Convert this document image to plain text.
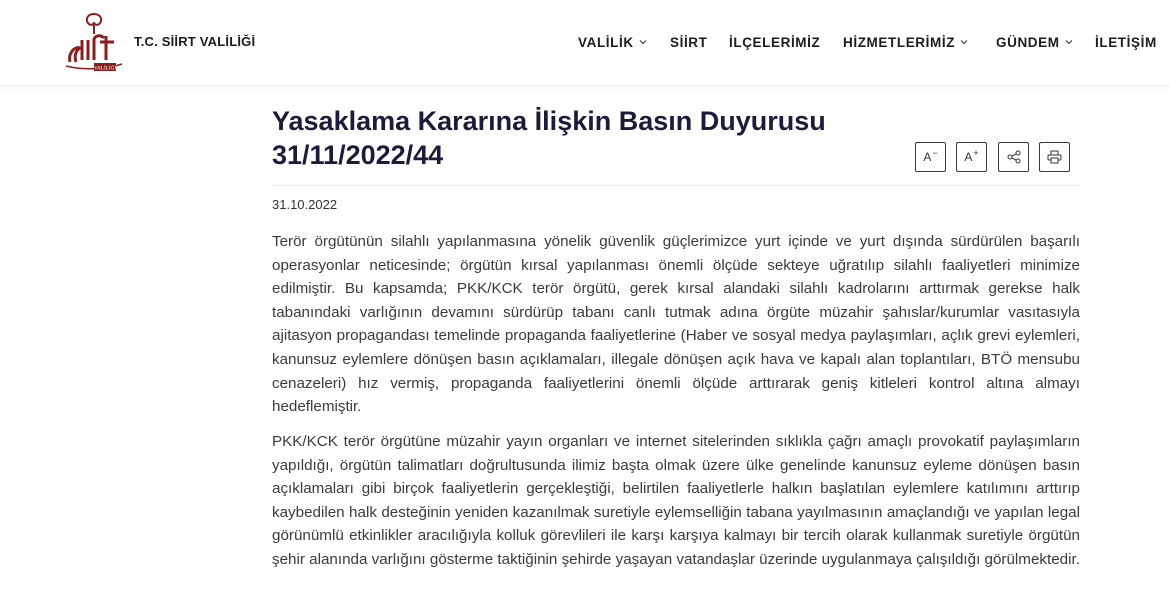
VALİLİĞİ
T.C. SİİRT VALİLİĞİ	VALİLİK	SİİRT İLÇELERİMİZ HİZMETLERİMİZ	GÜNDEM	İLETİŞİM
Yasaklama Kararına İlişkin Basın Duyurusu 31/11/2022/44	A− A+
31.10.2022

Terör örgütünün silahlı yapılanmasına yönelik güvenlik güçlerimizce yurt içinde ve yurt dışında sürdürülen başarılı operasyonlar neticesinde; örgütün kırsal yapılanması önemli ölçüde sekteye uğratılıp silahlı faaliyetleri minimize edilmiştir. Bu kapsamda; PKK/KCK terör örgütü, gerek kırsal alandaki silahlı kadrolarını arttırmak gerekse halk tabanındaki varlığının devamını sürdürüp tabanı canlı tutmak adına örgüte müzahir şahıslar/kurumlar vasıtasıyla ajitasyon propagandası temelinde propaganda faaliyetlerine (Haber ve sosyal medya paylaşımları, açlık grevi eylemleri, kanunsuz eylemlere dönüşen basın açıklamaları, illegale dönüşen açık hava ve kapalı alan toplantıları, BTÖ mensubu cenazeleri) hız vermiş, propaganda faaliyetlerini önemli ölçüde arttırarak geniş kitleleri kontrol altına almayı hedeflemiştir.

PKK/KCK terör örgütüne müzahir yayın organları ve internet sitelerinden sıklıkla çağrı amaçlı provokatif paylaşımların yapıldığı, örgütün talimatları doğrultusunda ilimiz başta olmak üzere ülke genelinde kanunsuz eyleme dönüşen basın açıklamaları gibi birçok faaliyetlerin gerçekleştiği, belirtilen faaliyetlerle halkın başlatılan eylemlere katılımını arttırıp kaybedilen halk desteğinin yeniden kazanılmak suretiyle eylemselliğin tabana yayılmasının amaçlandığı ve yapılan legal görünümlü etkinlikler aracılığıyla kolluk görevlileri ile karşı karşıya kalmayı bir tercih olarak kullanmak suretiyle örgütün şehir alanında varlığını gösterme taktiğinin şehirde yaşayan vatandaşlar üzerinde uygulanmaya çalışıldığı görülmektedir.
